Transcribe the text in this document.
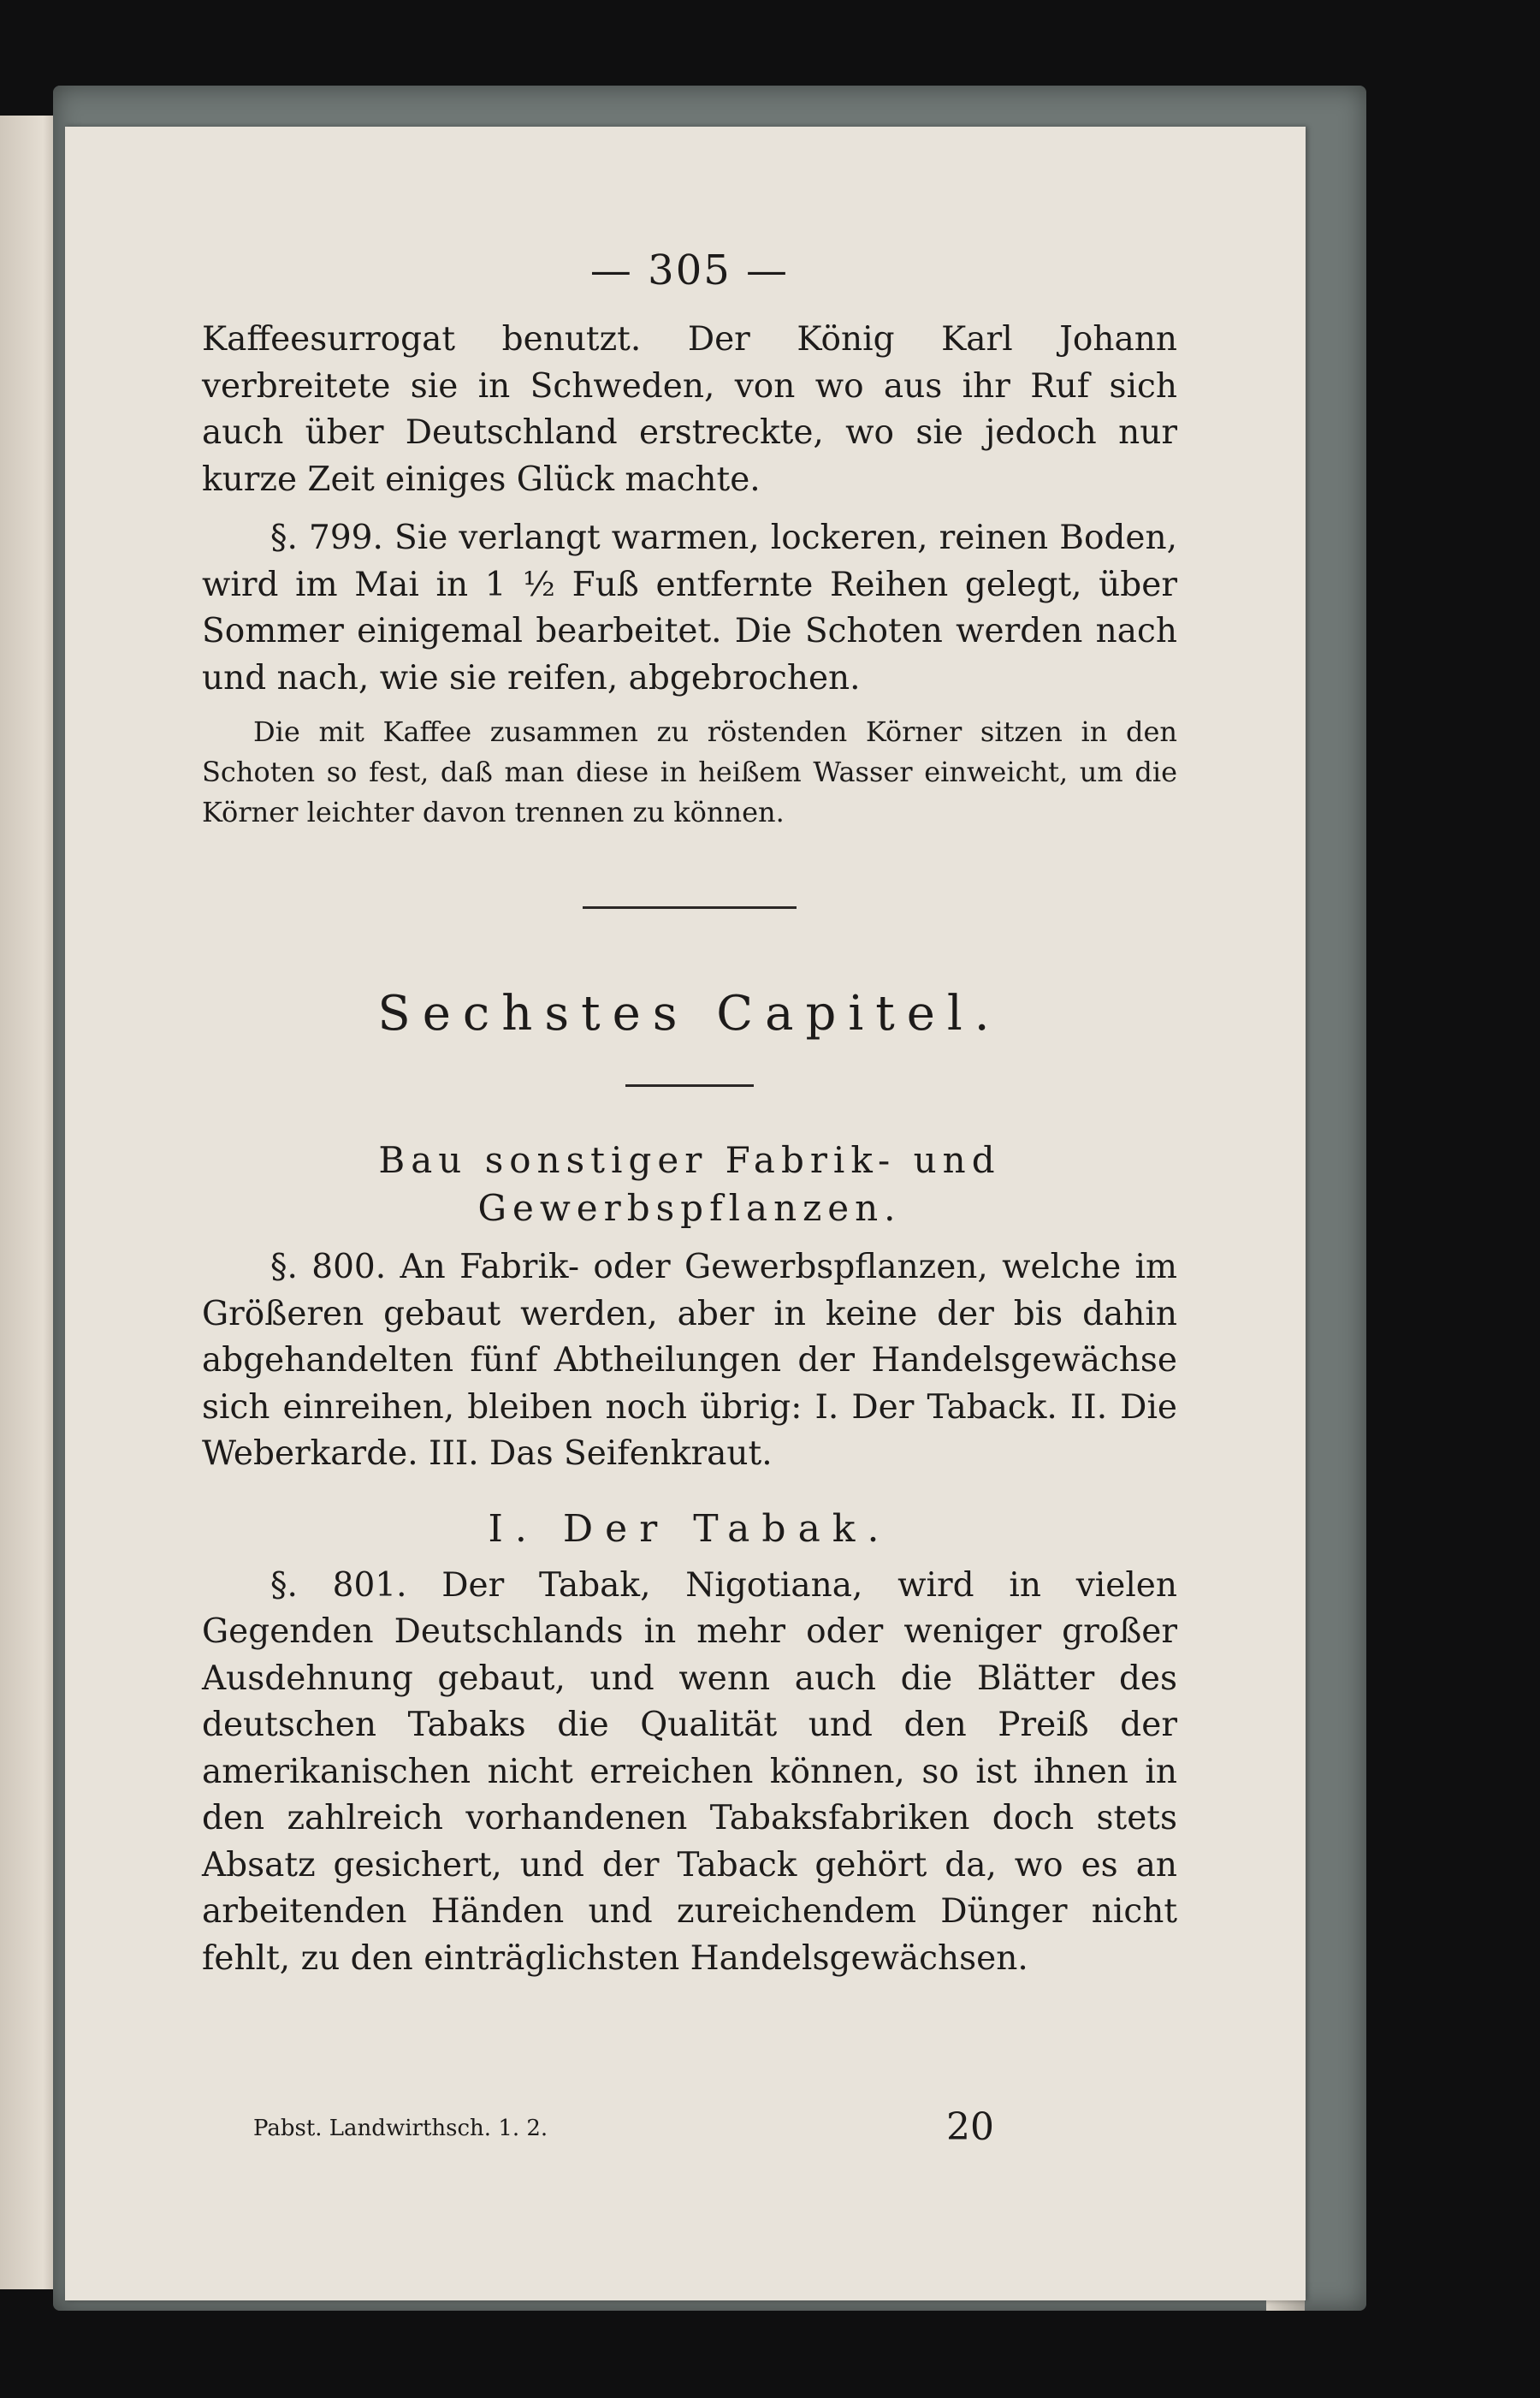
— 305 —

Kaffeesurrogat benutzt. Der König Karl Johann verbreitete sie in Schweden, von wo aus ihr Ruf sich auch über Deutschland erstreckte, wo sie jedoch nur kurze Zeit einiges Glück machte.

§. 799. Sie verlangt warmen, lockeren, reinen Boden, wird im Mai in 1 ½ Fuß entfernte Reihen gelegt, über Sommer einigemal bearbeitet. Die Schoten werden nach und nach, wie sie reifen, abgebrochen.

Die mit Kaffee zusammen zu röstenden Körner sitzen in den Schoten so fest, daß man diese in heißem Wasser einweicht, um die Körner leichter davon trennen zu können.

Sechstes Capitel.
Bau sonstiger Fabrik- und Gewerbspflanzen.

§. 800. An Fabrik- oder Gewerbspflanzen, welche im Größeren gebaut werden, aber in keine der bis dahin abgehandelten fünf Abtheilungen der Handelsgewächse sich einreihen, bleiben noch übrig: I. Der Taback. II. Die Weberkarde. III. Das Seifenkraut.

I. Der Tabak.

§. 801. Der Tabak, Nigotiana, wird in vielen Gegenden Deutschlands in mehr oder weniger großer Ausdehnung gebaut, und wenn auch die Blätter des deutschen Tabaks die Qualität und den Preiß der amerikanischen nicht erreichen können, so ist ihnen in den zahlreich vorhandenen Tabaksfabriken doch stets Absatz gesichert, und der Taback gehört da, wo es an arbeitenden Händen und zureichendem Dünger nicht fehlt, zu den einträglichsten Handelsgewächsen.

Pabst. Landwirthsch. 1. 2.	20
